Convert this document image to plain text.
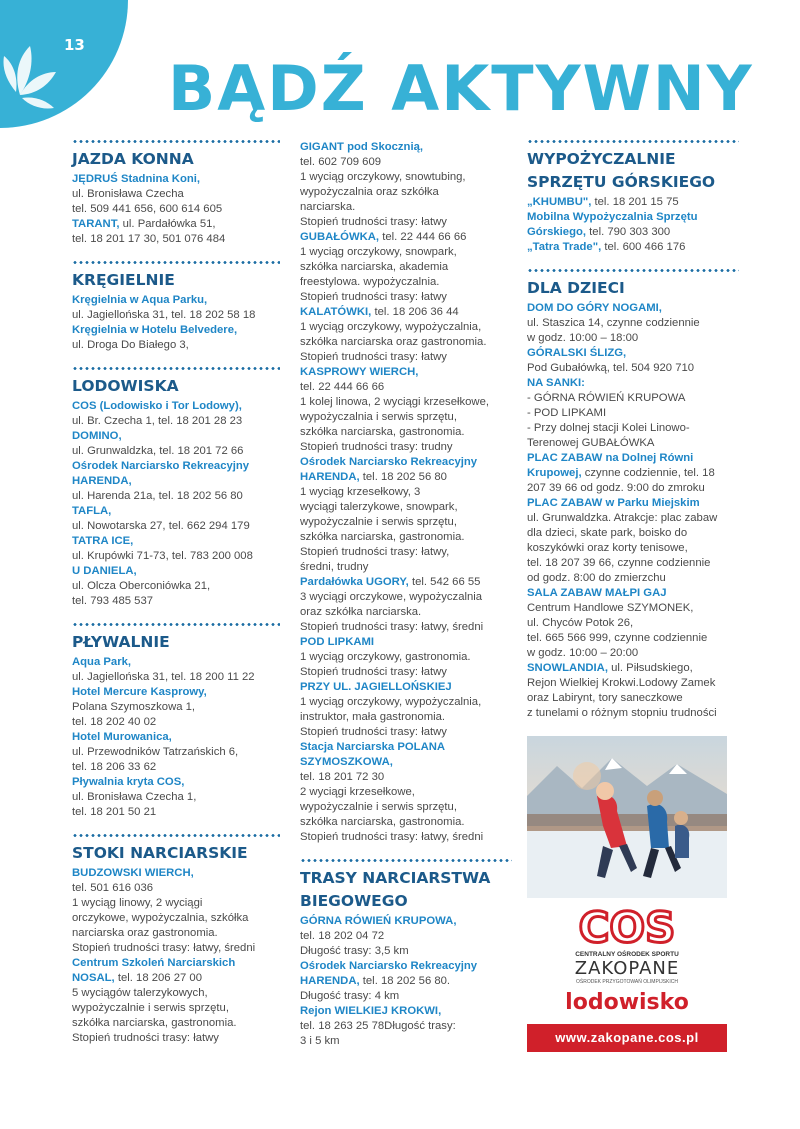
13
BĄDŹ AKTYWNY
JAZDA KONNA
JĘDRUŚ Stadnina Koni,
ul. Bronisława Czecha
tel. 509 441 656, 600 614 605
TARANT, ul. Pardałówka 51,
tel. 18 201 17 30, 501 076 484
KRĘGIELNIE
Kręgielnia w Aqua Parku,
ul. Jagiellońska 31, tel. 18 202 58 18
Kręgielnia w Hotelu Belvedere,
ul. Droga Do Białego 3,
LODOWISKA
COS (Lodowisko i Tor Lodowy),
ul. Br. Czecha 1, tel. 18 201 28 23
DOMINO,
ul. Grunwaldzka, tel. 18 201 72 66
Ośrodek Narciarsko Rekreacyjny
HARENDA,
ul. Harenda 21a, tel. 18 202 56 80
TAFLA,
ul. Nowotarska 27, tel. 662 294 179
TATRA ICE,
ul. Krupówki 71-73, tel. 783 200 008
U DANIELA,
ul. Olcza Oberconiówka 21,
tel. 793 485 537
PŁYWALNIE
Aqua Park,
ul. Jagiellońska 31, tel. 18 200 11 22
Hotel Mercure Kasprowy,
Polana Szymoszkowa 1,
tel. 18 202 40 02
Hotel Murowanica,
ul. Przewodników Tatrzańskich 6,
tel. 18 206 33 62
Pływalnia kryta COS,
ul. Bronisława Czecha 1,
tel. 18 201 50 21
STOKI NARCIARSKIE
BUDZOWSKI WIERCH,
tel. 501 616 036
1 wyciąg linowy, 2 wyciągi
orczykowe, wypożyczalnia, szkółka
narciarska oraz gastronomia.
Stopień trudności trasy: łatwy, średni
Centrum Szkoleń Narciarskich
NOSAL, tel. 18 206 27 00
5 wyciągów talerzykowych,
wypożyczalnie i serwis sprzętu,
szkółka narciarska, gastronomia.
Stopień trudności trasy: łatwy
GIGANT pod Skocznią,
tel. 602 709 609
1 wyciąg orczykowy, snowtubing,
wypożyczalnia oraz szkółka
narciarska.
Stopień trudności trasy: łatwy
GUBAŁÓWKA, tel. 22 444 66 66
1 wyciąg orczykowy, snowpark,
szkółka narciarska, akademia
freestylowa. wypożyczalnia.
Stopień trudności trasy: łatwy
KALATÓWKI, tel. 18 206 36 44
1 wyciąg orczykowy, wypożyczalnia,
szkółka narciarska oraz gastronomia.
Stopień trudności trasy: łatwy
KASPROWY WIERCH,
tel. 22 444 66 66
1 kolej linowa, 2 wyciągi krzesełkowe,
wypożyczalnia i serwis sprzętu,
szkółka narciarska, gastronomia.
Stopień trudności trasy: trudny
Ośrodek Narciarsko Rekreacyjny
HARENDA, tel. 18 202 56 80
1 wyciąg krzesełkowy, 3
wyciągi talerzykowe, snowpark,
wypożyczalnie i serwis sprzętu,
szkółka narciarska, gastronomia.
Stopień trudności trasy: łatwy,
średni, trudny
Pardałówka UGORY, tel. 542 66 55
3 wyciągi orczykowe, wypożyczalnia
oraz szkółka narciarska.
Stopień trudności trasy: łatwy, średni
POD LIPKAMI
1 wyciąg orczykowy, gastronomia.
Stopień trudności trasy: łatwy
PRZY UL. JAGIELLOŃSKIEJ
1 wyciąg orczykowy, wypożyczalnia,
instruktor, mała gastronomia.
Stopień trudności trasy: łatwy
Stacja Narciarska POLANA
SZYMOSZKOWA,
tel. 18 201 72 30
2 wyciągi krzesełkowe,
wypożyczalnie i serwis sprzętu,
szkółka narciarska, gastronomia.
Stopień trudności trasy: łatwy, średni
TRASY NARCIARSTWA
BIEGOWEGO
GÓRNA RÓWIEŃ KRUPOWA,
tel. 18 202 04 72
Długość trasy: 3,5 km
Ośrodek Narciarsko Rekreacyjny
HARENDA, tel. 18 202 56 80.
Długość trasy: 4 km
Rejon WIELKIEJ KROKWI,
tel. 18 263 25 78Długość trasy:
3 i 5 km
WYPOŻYCZALNIE
SPRZĘTU GÓRSKIEGO
„KHUMBU", tel. 18 201 15 75
Mobilna Wypożyczalnia Sprzętu
Górskiego, tel. 790 303 300
„Tatra Trade", tel. 600 466 176
DLA DZIECI
DOM DO GÓRY NOGAMI,
ul. Staszica 14, czynne codziennie
w godz. 10:00 – 18:00
GÓRALSKI ŚLIZG,
Pod Gubałówką, tel. 504 920 710
NA SANKI:
- GÓRNA RÓWIEŃ KRUPOWA
- POD LIPKAMI
- Przy dolnej stacji Kolei Linowo-
Terenowej GUBAŁÓWKA
PLAC ZABAW na Dolnej Równi
Krupowej, czynne codziennie, tel. 18
207 39 66 od godz. 9:00 do zmroku
PLAC ZABAW w Parku Miejskim
ul. Grunwaldzka. Atrakcje: plac zabaw
dla dzieci, skate park, boisko do
koszykówki oraz korty tenisowe,
tel. 18 207 39 66, czynne codziennie
od godz. 8:00 do zmierzchu
SALA ZABAW MAŁPI GAJ
Centrum Handlowe SZYMONEK,
ul. Chyców Potok 26,
tel. 665 566 999, czynne codziennie
w godz. 10:00 – 20:00
SNOWLANDIA, ul. Piłsudskiego,
Rejon Wielkiej Krokwi.Lodowy Zamek
oraz Labirynt, tory saneczkowe
z tunelami o różnym stopniu trudności
COS
CENTRALNY OŚRODEK SPORTU
ZAKOPANE
OŚRODEK PRZYGOTOWAŃ OLIMPIJSKICH
lodowisko
www.zakopane.cos.pl
